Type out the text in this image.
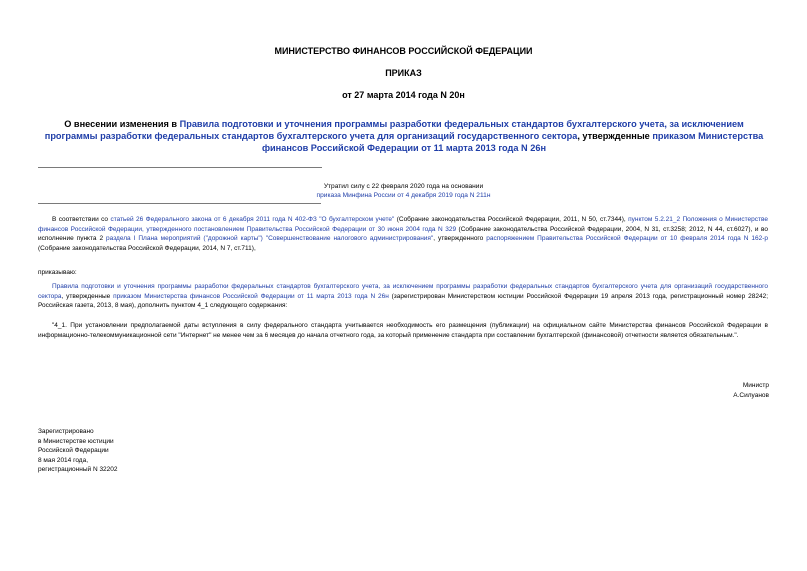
МИНИСТЕРСТВО ФИНАНСОВ РОССИЙСКОЙ ФЕДЕРАЦИИ
ПРИКАЗ
от 27 марта 2014 года N 20н
О внесении изменения в Правила подготовки и уточнения программы разработки федеральных стандартов бухгалтерского учета, за исключением программы разработки федеральных стандартов бухгалтерского учета для организаций государственного сектора, утвержденные приказом Министерства финансов Российской Федерации от 11 марта 2013 года N 26н
Утратил силу с 22 февраля 2020 года на основании
приказа Минфина России от 4 декабря 2019 года N 211н
В соответствии со статьей 26 Федерального закона от 6 декабря 2011 года N 402-ФЗ "О бухгалтерском учете" (Собрание законодательства Российской Федерации, 2011, N 50, ст.7344), пунктом 5.2.21_2 Положения о Министерстве финансов Российской Федерации, утвержденного постановлением Правительства Российской Федерации от 30 июня 2004 года N 329 (Собрание законодательства Российской Федерации, 2004, N 31, ст.3258; 2012, N 44, ст.6027), и во исполнение пункта 2 раздела I Плана мероприятий ("дорожной карты") "Совершенствование налогового администрирования", утвержденного распоряжением Правительства Российской Федерации от 10 февраля 2014 года N 162-р (Собрание законодательства Российской Федерации, 2014, N 7, ст.711),
приказываю:
Правила подготовки и уточнения программы разработки федеральных стандартов бухгалтерского учета, за исключением программы разработки федеральных стандартов бухгалтерского учета для организаций государственного сектора, утвержденные приказом Министерства финансов Российской Федерации от 11 марта 2013 года N 26н (зарегистрирован Министерством юстиции Российской Федерации 19 апреля 2013 года, регистрационный номер 28242; Российская газета, 2013, 8 мая), дополнить пунктом 4_1 следующего содержания:
"4_1. При установлении предполагаемой даты вступления в силу федерального стандарта учитывается необходимость его размещения (публикации) на официальном сайте Министерства финансов Российской Федерации в информационно-телекоммуникационной сети "Интернет" не менее чем за 6 месяцев до начала отчетного года, за который применение стандарта при составлении бухгалтерской (финансовой) отчетности является обязательным.".
Министр
А.Силуанов
Зарегистрировано
в Министерстве юстиции
Российской Федерации
8 мая 2014 года,
регистрационный N 32202
